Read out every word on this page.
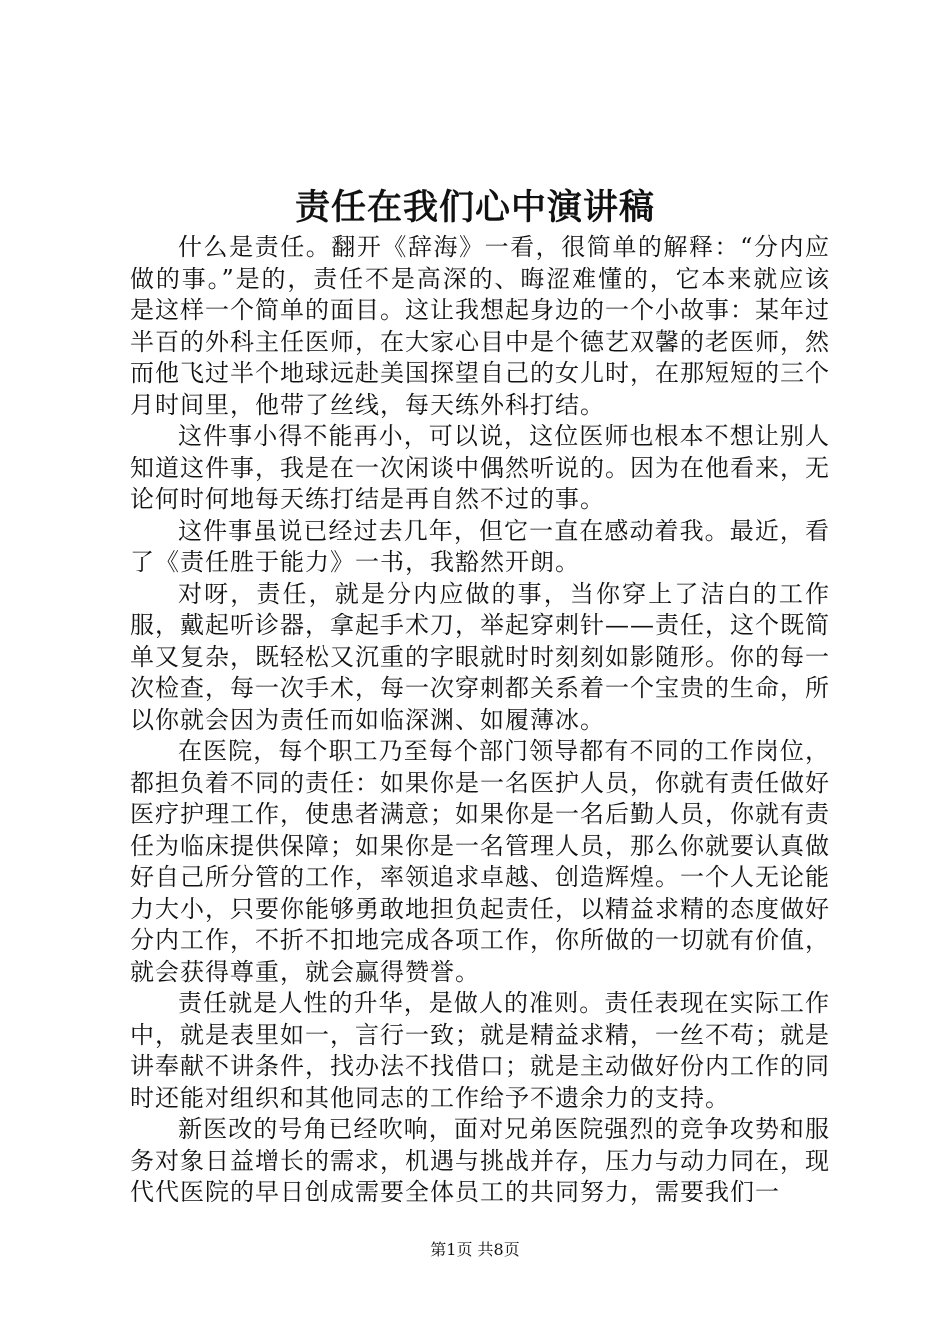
责任在我们心中演讲稿

什么是责任。翻开《辞海》一看，很简单的解释：“分内应做的事。”是的，责任不是高深的、晦涩难懂的，它本来就应该是这样一个简单的面目。这让我想起身边的一个小故事：某年过半百的外科主任医师，在大家心目中是个德艺双馨的老医师，然而他飞过半个地球远赴美国探望自己的女儿时，在那短短的三个月时间里，他带了丝线，每天练外科打结。

这件事小得不能再小，可以说，这位医师也根本不想让别人知道这件事，我是在一次闲谈中偶然听说的。因为在他看来，无论何时何地每天练打结是再自然不过的事。

这件事虽说已经过去几年，但它一直在感动着我。最近，看了《责任胜于能力》一书，我豁然开朗。

对呀，责任，就是分内应做的事，当你穿上了洁白的工作服，戴起听诊器，拿起手术刀，举起穿刺针——责任，这个既简单又复杂，既轻松又沉重的字眼就时时刻刻如影随形。你的每一次检查，每一次手术，每一次穿刺都关系着一个宝贵的生命，所以你就会因为责任而如临深渊、如履薄冰。

在医院，每个职工乃至每个部门领导都有不同的工作岗位，都担负着不同的责任：如果你是一名医护人员，你就有责任做好医疗护理工作，使患者满意；如果你是一名后勤人员，你就有责任为临床提供保障；如果你是一名管理人员，那么你就要认真做好自己所分管的工作，率领追求卓越、创造辉煌。一个人无论能力大小，只要你能够勇敢地担负起责任，以精益求精的态度做好分内工作，不折不扣地完成各项工作，你所做的一切就有价值，就会获得尊重，就会赢得赞誉。

责任就是人性的升华，是做人的准则。责任表现在实际工作中，就是表里如一，言行一致；就是精益求精，一丝不苟；就是讲奉献不讲条件，找办法不找借口；就是主动做好份内工作的同时还能对组织和其他同志的工作给予不遗余力的支持。

新医改的号角已经吹响，面对兄弟医院强烈的竞争攻势和服务对象日益增长的需求，机遇与挑战并存，压力与动力同在，现代代医院的早日创成需要全体员工的共同努力，需要我们一

第1页 共8页
